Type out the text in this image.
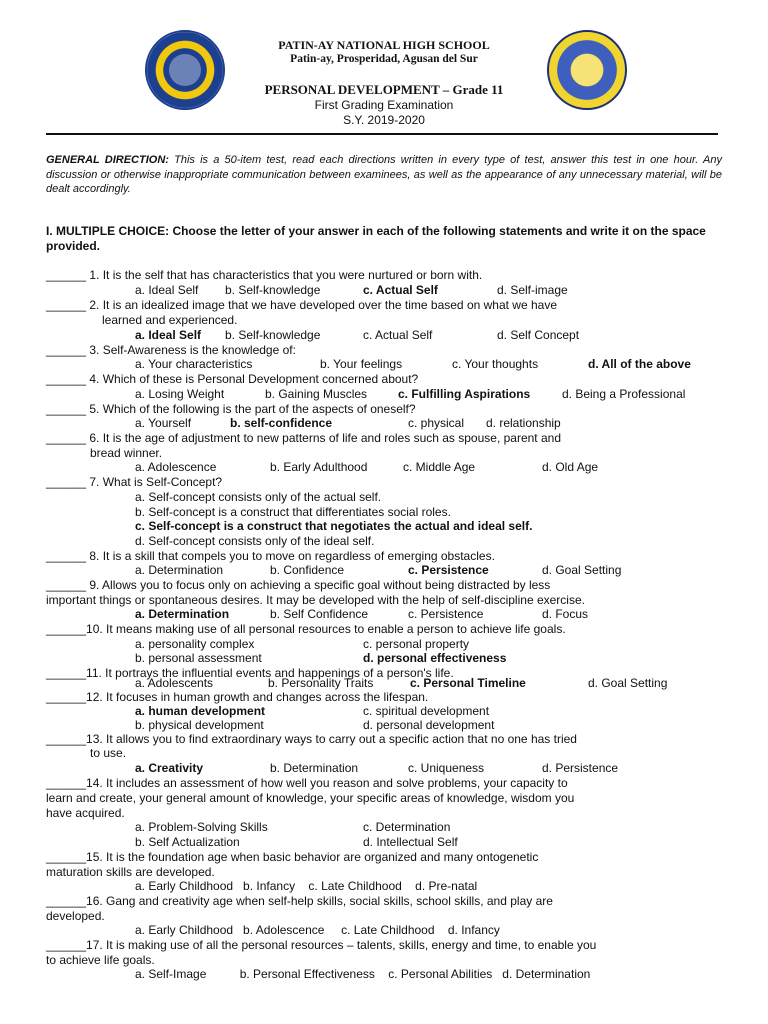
PATIN-AY NATIONAL HIGH SCHOOL
Patin-ay, Prosperidad, Agusan del Sur
PERSONAL DEVELOPMENT – Grade 11
First Grading Examination
S.Y. 2019-2020
GENERAL DIRECTION: This is a 50-item test, read each directions written in every type of test, answer this test in one hour. Any discussion or otherwise inappropriate communication between examinees, as well as the appearance of any unnecessary material, will be dealt accordingly.
I. MULTIPLE CHOICE: Choose the letter of your answer in each of the following statements and write it on the space provided.
______ 1. It is the self that has characteristics that you were nurtured or born with.
a. Ideal Self b. Self-knowledge	c. Actual Self	d. Self-image
______ 2. It is an idealized image that we have developed over the time based on what we have
learned and experienced.
a. Ideal Self b. Self-knowledge	c. Actual Self	d. Self Concept
______ 3. Self-Awareness is the knowledge of:
a. Your characteristics	b. Your feelings	c. Your thoughts	d. All of the above
______ 4. Which of these is Personal Development concerned about?
a. Losing Weight	b. Gaining Muscles	c. Fulfilling Aspirations	d. Being a Professional
______ 5. Which of the following is the part of the aspects of oneself?
a. Yourself	b. self-confidence	c. physical d. relationship
______ 6. It is the age of adjustment to new patterns of life and roles such as spouse, parent and
bread winner.
a. Adolescence	b. Early Adulthood	c. Middle Age	d. Old Age
______ 7. What is Self-Concept?
a. Self-concept consists only of the actual self.
b. Self-concept is a construct that differentiates social roles.
c. Self-concept is a construct that negotiates the actual and ideal self.
d. Self-concept consists only of the ideal self.
______ 8. It is a skill that compels you to move on regardless of emerging obstacles.
a. Determination	b. Confidence	c. Persistence	d. Goal Setting
______ 9. Allows you to focus only on achieving a specific goal without being distracted by less
important things or spontaneous desires. It may be developed with the help of self-discipline exercise.
a. Determination	b. Self Confidence	c. Persistence	d. Focus
______10. It means making use of all personal resources to enable a person to achieve life goals.
a. personality complex	c. personal property
b. personal assessment	d. personal effectiveness
______11. It portrays the influential events and happenings of a person's life.
a. Adolescents	b. Personality Traits	c. Personal Timeline	d. Goal Setting
______12. It focuses in human growth and changes across the lifespan.
a. human development	c. spiritual development
b. physical development	d. personal development
______13. It allows you to find extraordinary ways to carry out a specific action that no one has tried
to use.
a. Creativity	b. Determination	c. Uniqueness	d. Persistence
______14. It includes an assessment of how well you reason and solve problems, your capacity to
learn and create, your general amount of knowledge, your specific areas of knowledge, wisdom you
have acquired.
a. Problem-Solving Skills	c. Determination
b. Self Actualization	d. Intellectual Self
______15. It is the foundation age when basic behavior are organized and many ontogenetic
maturation skills are developed.
a. Early Childhood   b. Infancy    c. Late Childhood    d. Pre-natal
______16. Gang and creativity age when self-help skills, social skills, school skills, and play are
developed.
a. Early Childhood   b. Adolescence     c. Late Childhood    d. Infancy
______17. It is making use of all the personal resources – talents, skills, energy and time, to enable you
to achieve life goals.
a. Self-Image          b. Personal Effectiveness    c. Personal Abilities   d. Determination
